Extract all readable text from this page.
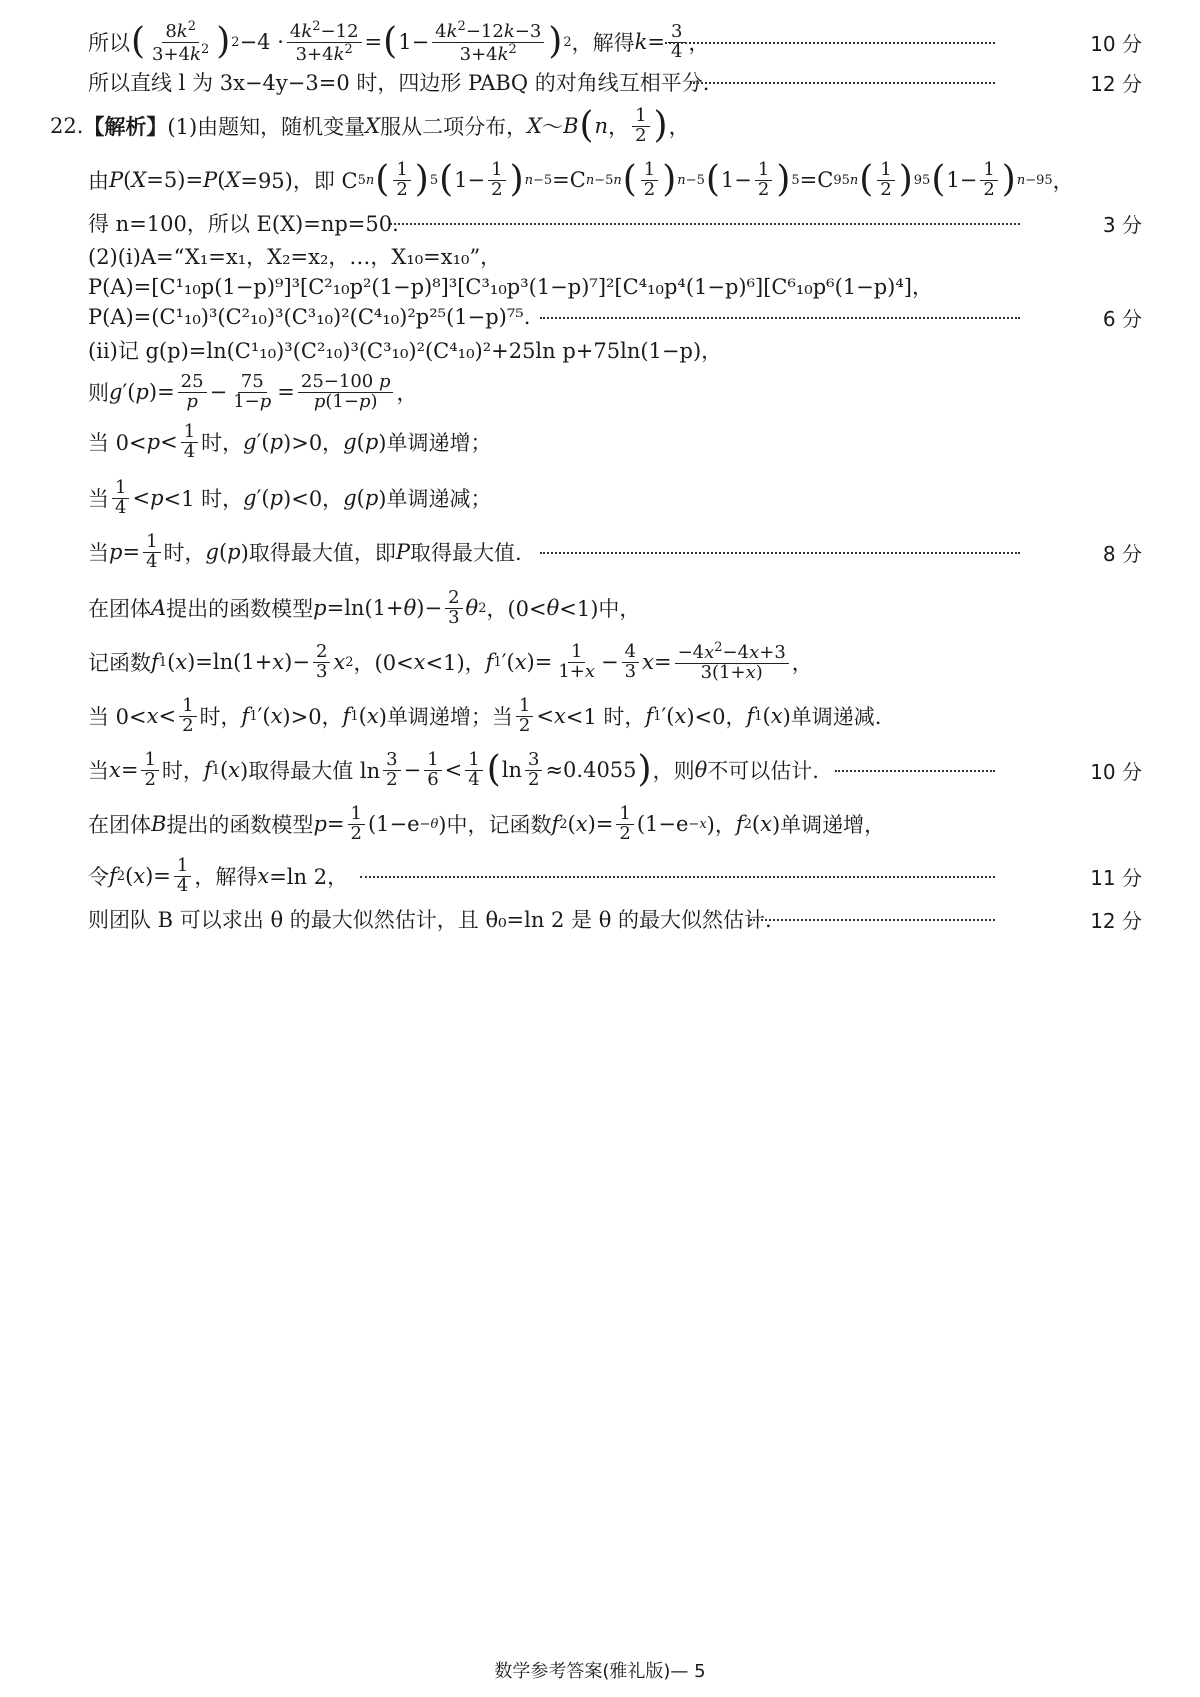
所以 ( $\frac{8k^2}{3+4k^2}$ ) $2 -4 \cdot \frac{4k^2-12}{3+4k^2}$ = ( $1- \frac{4k^2-12k-3}{3+4k^2}$ ) 2 ，解得 $k = \frac{3}{4}$ ，	10 分
所以直线 l 为 3x−4y−3=0 时，四边形 PABQ 的对角线互相平分.	12 分
22. 【解析】 (1)由题知，随机变量 X 服从二项分布， X ～ B ( n ， $\frac{1}{2}$ ) ，
由 P ( X =5)= P ( X =95)，即 C 5 n ( $\frac{1}{2}$ ) 5 ( $1- \frac{1}{2}$ ) n−5 =C n−5 n ( $\frac{1}{2}$ ) n−5 ( $1- \frac{1}{2}$ ) 5 =C 95 n ( $\frac{1}{2}$ ) 95 ( $1- \frac{1}{2}$ ) n−95 ，
得 n=100，所以 E(X)=np=50.	3 分
(2)(ⅰ)A=“X₁=x₁，X₂=x₂，…，X₁₀=x₁₀”，
P(A)=[C¹₁₀p(1−p)⁹]³[C²₁₀p²(1−p)⁸]³[C³₁₀p³(1−p)⁷]²[C⁴₁₀p⁴(1−p)⁶][C⁶₁₀p⁶(1−p)⁴]，
P(A)=(C¹₁₀)³(C²₁₀)³(C³₁₀)²(C⁴₁₀)²p²⁵(1−p)⁷⁵.	6 分
(ⅱ)记 g(p)=ln(C¹₁₀)³(C²₁₀)³(C³₁₀)²(C⁴₁₀)²+25ln p+75ln(1−p)，
则 g ′( p )= $\frac{25}{p} - \frac{75}{1-p} = \frac{25-100 p}{p(1-p)}$ ，
当 $0< p < \frac{1}{4}$ 时， g ′( p )>0， g ( p )单调递增；
当 $\frac{1}{4} < p <1$ 时， g ′( p )<0， g ( p )单调递减；
当 $p = \frac{1}{4}$ 时， g ( p )取得最大值，即 P 取得最大值.	8 分
在团体 A 提出的函数模型 p =ln(1+ θ )− $\frac{2}{3}$ θ 2 ，(0< θ <1)中，
记函数 f 1 ( x )=ln(1+ x )− $\frac{2}{3}$ x 2 ，(0< x <1)， f 1 ′( x )= $\frac{1}{1+x} - \frac{4}{3}$ $x = \frac{-4x^2-4x+3}{3(1+x)}$ ，
当 $0< x < \frac{1}{2}$ 时， f 1 ′( x )>0， f 1 ( x )单调递增；当 $\frac{1}{2} < x <1$ 时， f 1 ′( x )<0， f 1 ( x )单调递减.
当 $x = \frac{1}{2}$ 时， f 1 ( x )取得最大值 $\ln \frac{3}{2} - \frac{1}{6} < \frac{1}{4}$ ( $\ln \frac{3}{2} \approx 0.4055$ ) ，则 θ 不可以估计.	10 分
在团体 B 提出的函数模型 $p = \frac{1}{2} (1-e -\theta$ )中，记函数 f 2 ( x )= $\frac{1}{2} (1-e -x$ )， f 2 ( x )单调递增，
令 f 2 ( x )= $\frac{1}{4}$ ，解得 x =ln 2，	11 分
则团队 B 可以求出 θ 的最大似然估计，且 θ₀=ln 2 是 θ 的最大似然估计.	12 分
数学参考答案(雅礼版)— 5
